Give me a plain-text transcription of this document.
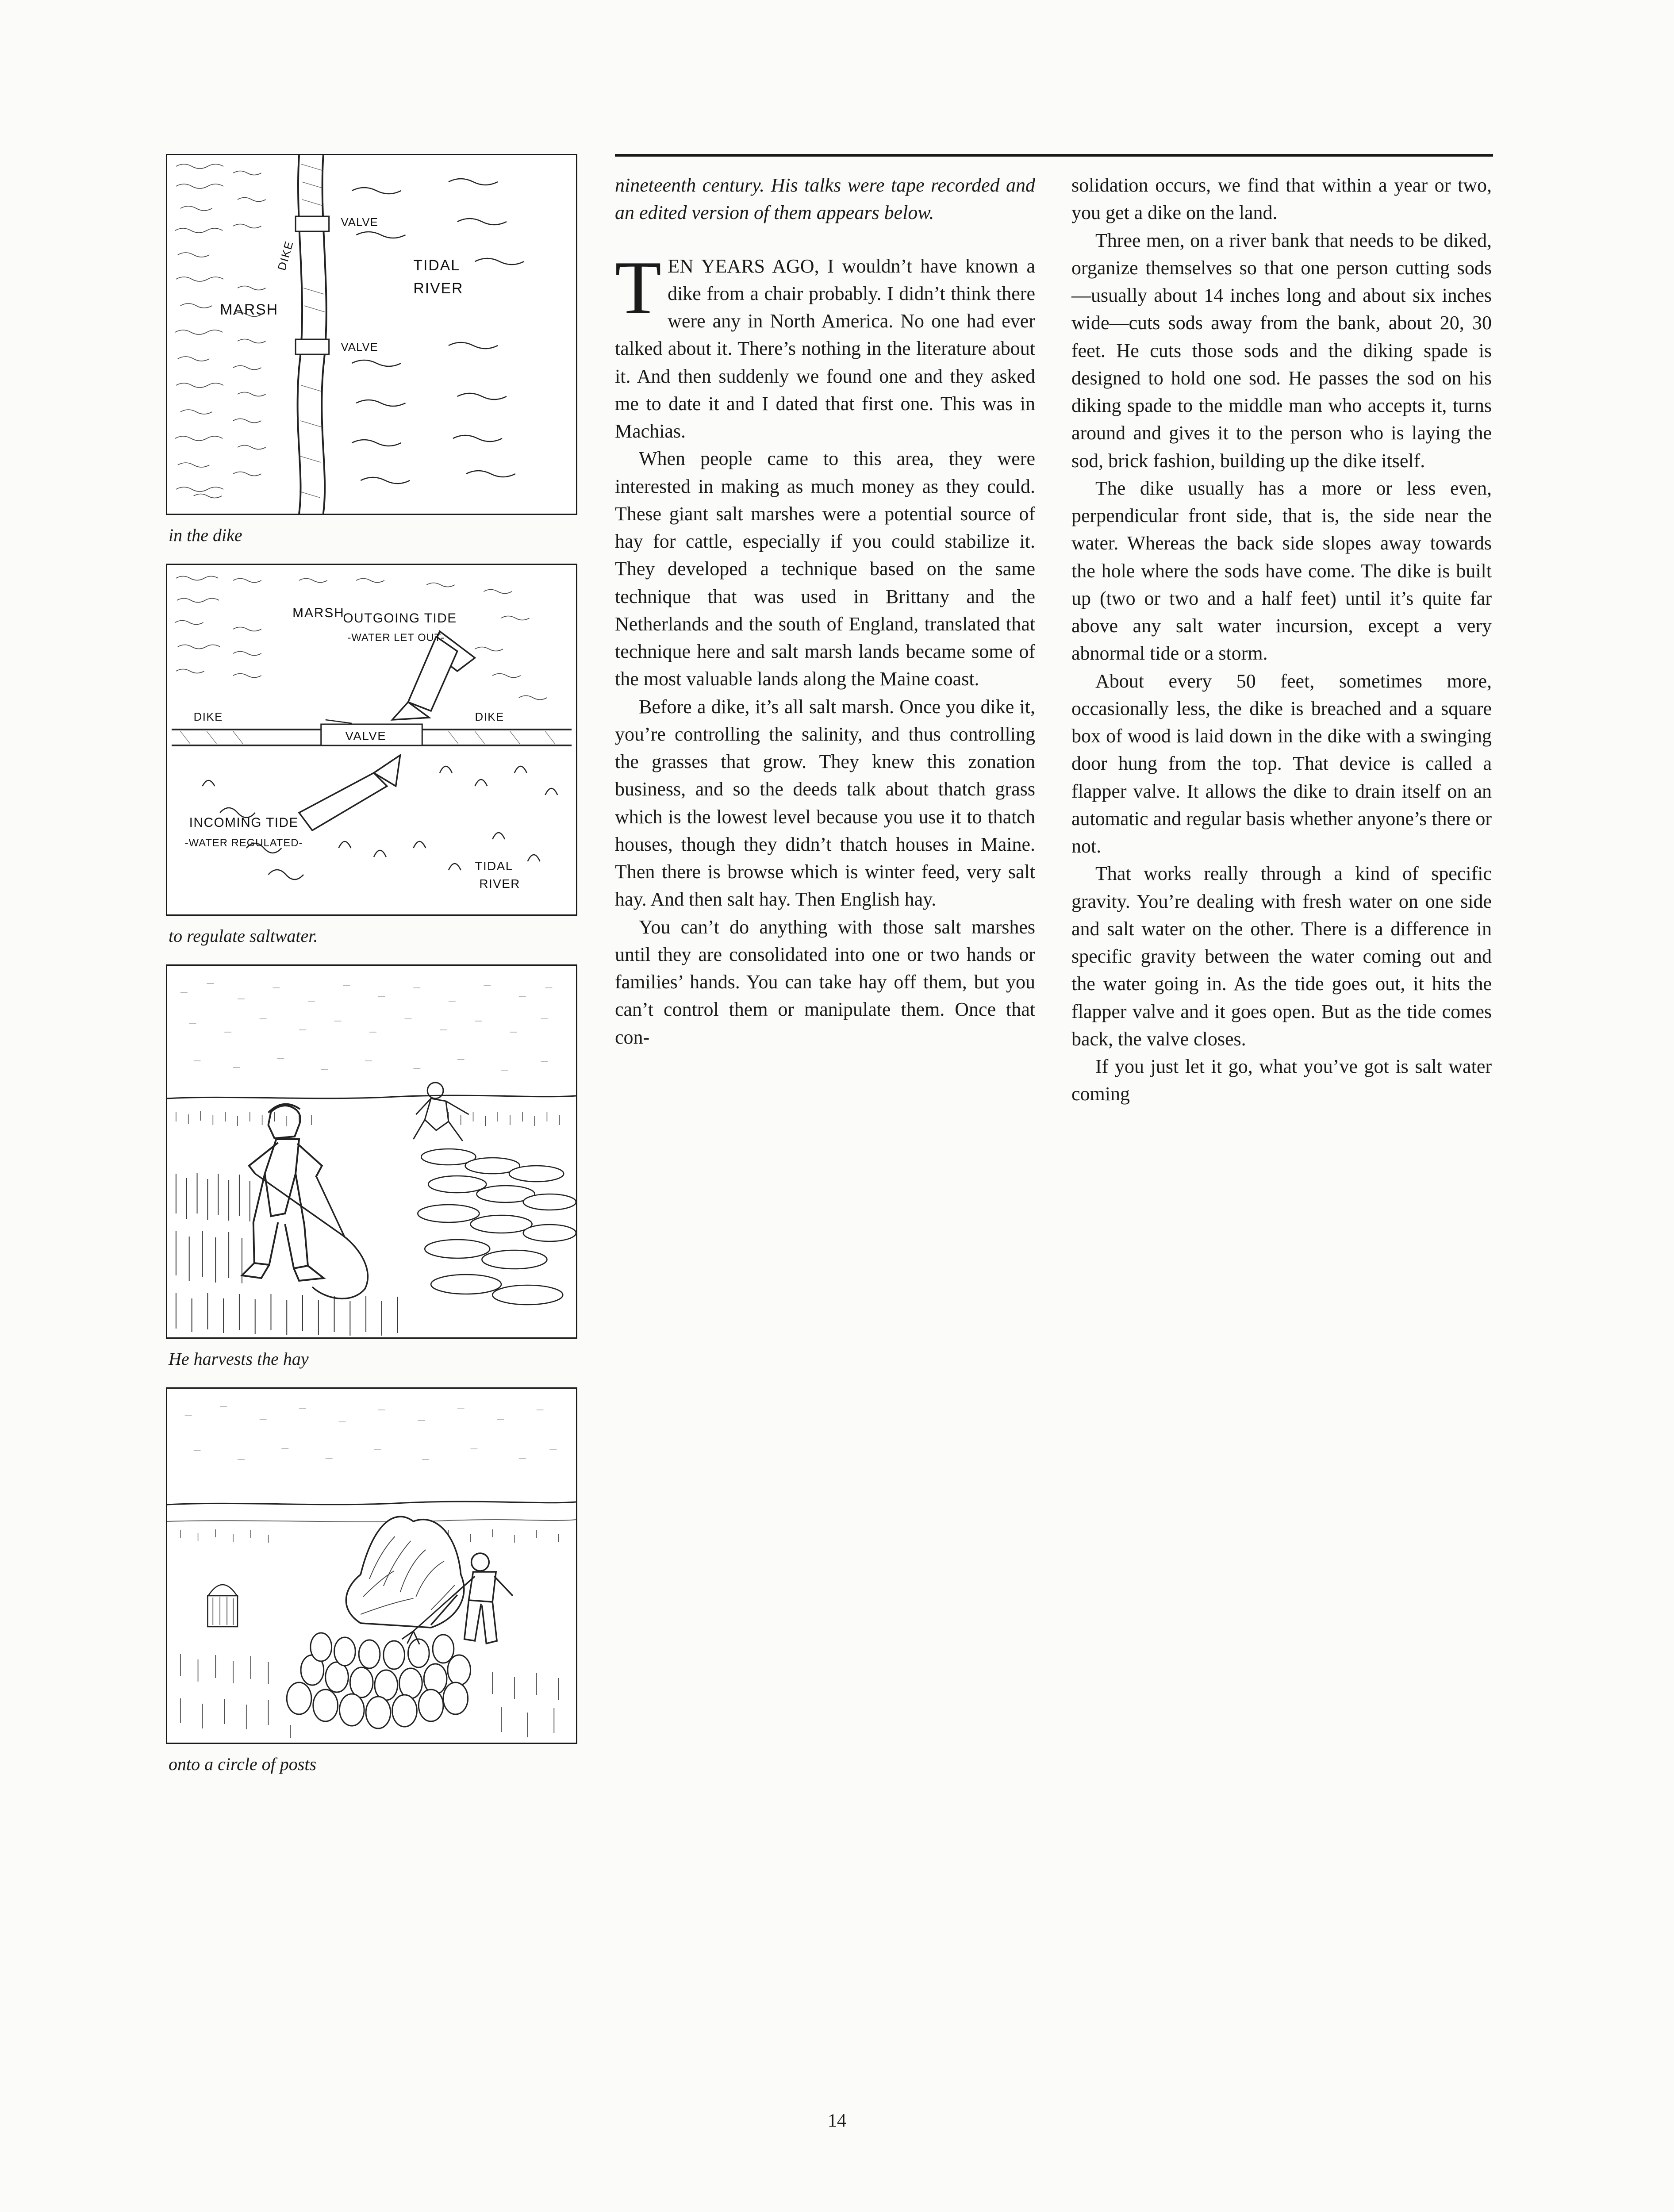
MARSH
DIKE	TIDAL
RIVER
VALVE
VALVE
in the dike
OUTGOING TIDE
-WATER LET OUT-
MARSH
DIKE	DIKE
VALVE
INCOMING TIDE
-WATER REGULATED-
TIDAL
RIVER
to regulate saltwater.
He harvests the hay
onto a circle of posts

nineteenth century. His talks were tape recorded and an edited version of them appears below.

TEN YEARS AGO, I wouldn’t have known a dike from a chair probably. I didn’t think there were any in North America. No one had ever talked about it. There’s nothing in the literature about it. And then suddenly we found one and they asked me to date it and I dated that first one. This was in Machias.

When people came to this area, they were interested in making as much money as they could. These giant salt marshes were a potential source of hay for cattle, especially if you could stabilize it. They developed a technique based on the same technique that was used in Brittany and the Netherlands and the south of England, translated that technique here and salt marsh lands became some of the most valuable lands along the Maine coast.

Before a dike, it’s all salt marsh. Once you dike it, you’re controlling the salinity, and thus controlling the grasses that grow. They knew this zonation business, and so the deeds talk about thatch grass which is the lowest level because you use it to thatch houses, though they didn’t thatch houses in Maine. Then there is browse which is winter feed, very salt hay. And then salt hay. Then English hay.

You can’t do anything with those salt marshes until they are consolidated into one or two hands or families’ hands. You can take hay off them, but you can’t control them or manipulate them. Once that con-

solidation occurs, we find that within a year or two, you get a dike on the land.

Three men, on a river bank that needs to be diked, organize themselves so that one person cutting sods—usually about 14 inches long and about six inches wide—cuts sods away from the bank, about 20, 30 feet. He cuts those sods and the diking spade is designed to hold one sod. He passes the sod on his diking spade to the middle man who accepts it, turns around and gives it to the person who is laying the sod, brick fashion, building up the dike itself.

The dike usually has a more or less even, perpendicular front side, that is, the side near the water. Whereas the back side slopes away towards the hole where the sods have come. The dike is built up (two or two and a half feet) until it’s quite far above any salt water incursion, except a very abnormal tide or a storm.

About every 50 feet, sometimes more, occasionally less, the dike is breached and a square box of wood is laid down in the dike with a swinging door hung from the top. That device is called a flapper valve. It allows the dike to drain itself on an automatic and regular basis whether anyone’s there or not.

That works really through a kind of specific gravity. You’re dealing with fresh water on one side and salt water on the other. There is a difference in specific gravity between the water coming out and the water going in. As the tide goes out, it hits the flapper valve and it goes open. But as the tide comes back, the valve closes.

If you just let it go, what you’ve got is salt water coming

14
